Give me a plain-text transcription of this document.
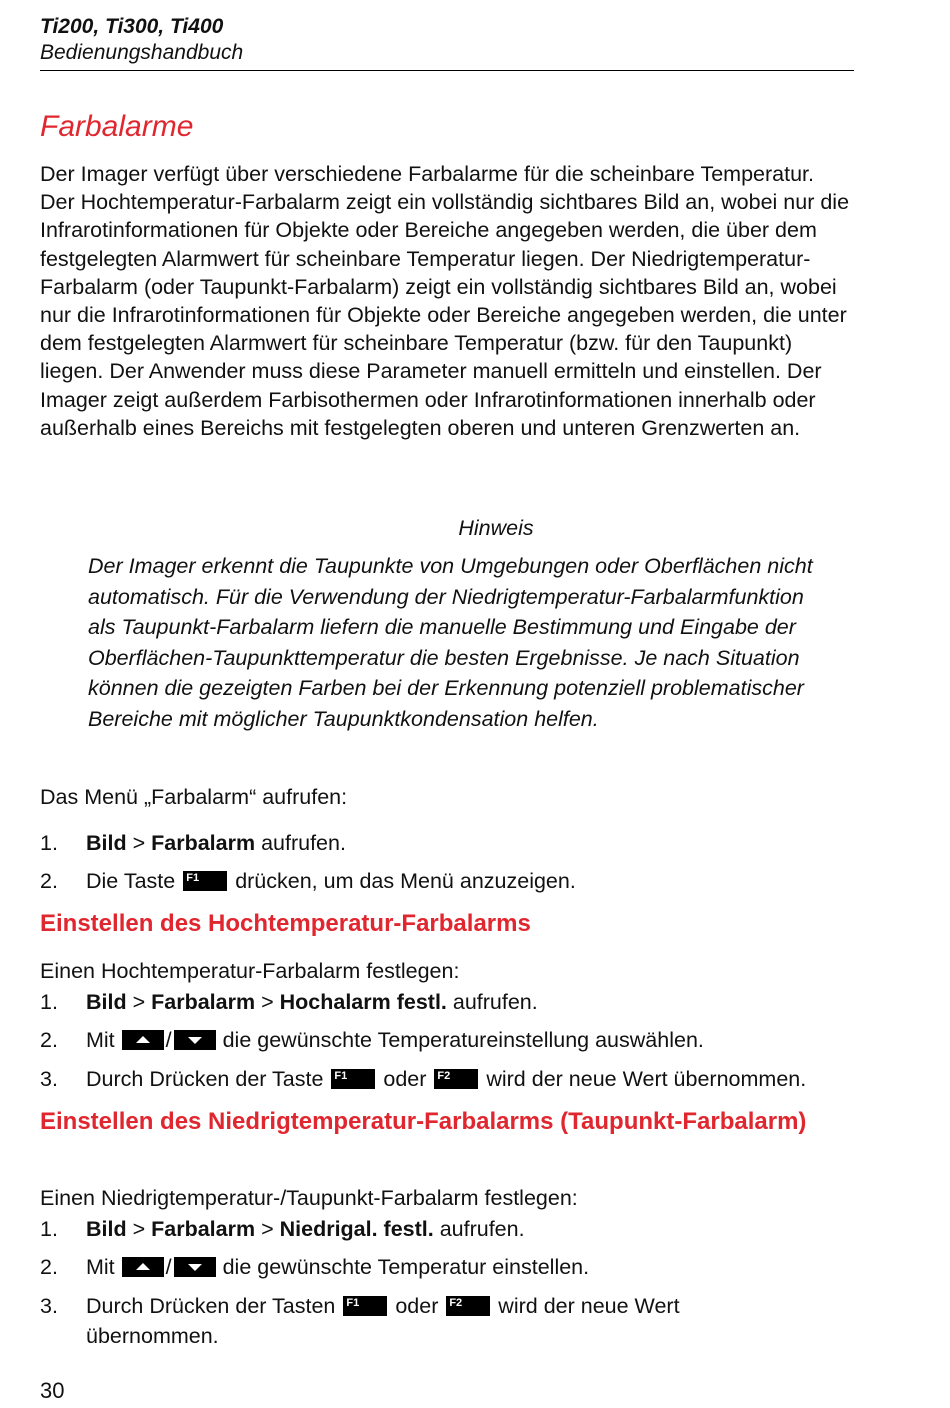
Ti200, Ti300, Ti400
Bedienungshandbuch
Farbalarme
Der Imager verfügt über verschiedene Farbalarme für die scheinbare Temperatur. Der Hochtemperatur-Farbalarm zeigt ein vollständig sichtbares Bild an, wobei nur die Infrarotinformationen für Objekte oder Bereiche angegeben werden, die über dem festgelegten Alarmwert für scheinbare Temperatur liegen. Der Niedrigtemperatur-Farbalarm (oder Taupunkt-Farbalarm) zeigt ein vollständig sichtbares Bild an, wobei nur die Infrarotinformationen für Objekte oder Bereiche angegeben werden, die unter dem festgelegten Alarmwert für scheinbare Temperatur (bzw. für den Taupunkt) liegen. Der Anwender muss diese Parameter manuell ermitteln und einstellen. Der Imager zeigt außerdem Farbisothermen oder Infrarotinformationen innerhalb oder außerhalb eines Bereichs mit festgelegten oberen und unteren Grenzwerten an.
Hinweis
Der Imager erkennt die Taupunkte von Umgebungen oder Oberflächen nicht automatisch. Für die Verwendung der Niedrigtemperatur-Farbalarmfunktion als Taupunkt-Farbalarm liefern die manuelle Bestimmung und Eingabe der Oberflächen-Taupunkttemperatur die besten Ergebnisse. Je nach Situation können die gezeigten Farben bei der Erkennung potenziell problematischer Bereiche mit möglicher Taupunktkondensation helfen.
Das Menü „Farbalarm“ aufrufen:
1. Bild > Farbalarm aufrufen.
2. Die Taste F1 drücken, um das Menü anzuzeigen.
Einstellen des Hochtemperatur-Farbalarms
Einen Hochtemperatur-Farbalarm festlegen:
1. Bild > Farbalarm > Hochalarm festl. aufrufen.
2. Mit
/
die gewünschte Temperatureinstellung auswählen.
3. Durch Drücken der Taste F1 oder F2 wird der neue Wert übernommen.
Einstellen des Niedrigtemperatur-Farbalarms (Taupunkt-Farbalarm)
Einen Niedrigtemperatur-/Taupunkt-Farbalarm festlegen:
1. Bild > Farbalarm > Niedrigal. festl. aufrufen.
2. Mit
/
die gewünschte Temperatur einstellen.
3. Durch Drücken der Tasten F1 oder F2 wird der neue Wert
übernommen.
30
